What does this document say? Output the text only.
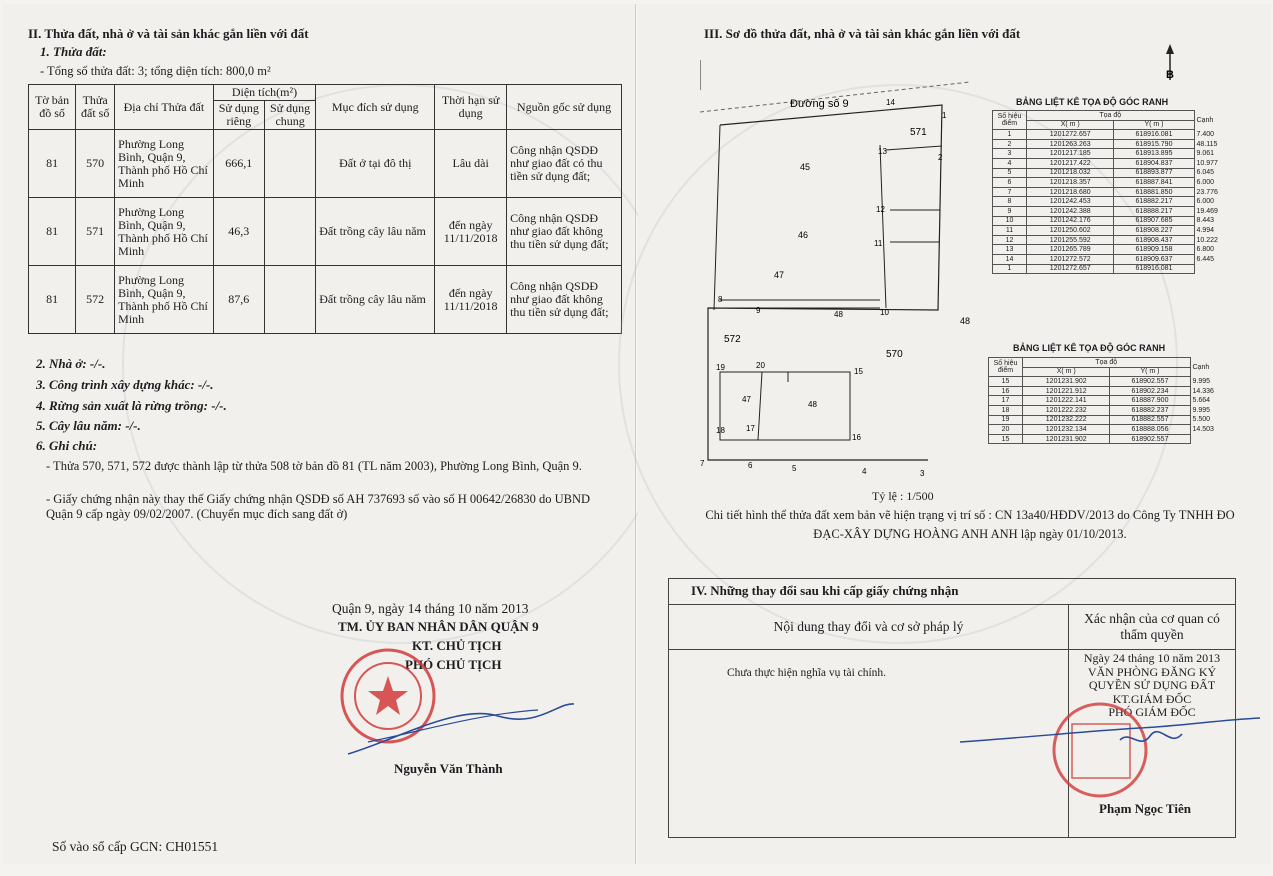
II. Thửa đất, nhà ở và tài sản khác gắn liền với đất
1. Thửa đất:
- Tổng số thửa đất: 3; tổng diện tích: 800,0 m²
Tờ bản đồ số	Thửa đất số	Địa chỉ Thửa đất	Diện tích(m²)		Mục đích sử dụng	Thời hạn sử dụng	Nguồn gốc sử dụng
			Sử dụng riêng	Sử dụng chung			
81	570	Phường Long Bình, Quận 9, Thành phố Hồ Chí Minh	666,1		Đất ở tại đô thị	Lâu dài	Công nhận QSDĐ như giao đất có thu tiền sử dụng đất;
81	571	Phường Long Bình, Quận 9, Thành phố Hồ Chí Minh	46,3		Đất trồng cây lâu năm	đến ngày 11/11/2018	Công nhận QSDĐ như giao đất không thu tiền sử dụng đất;
81	572	Phường Long Bình, Quận 9, Thành phố Hồ Chí Minh	87,6		Đất trồng cây lâu năm	đến ngày 11/11/2018	Công nhận QSDĐ như giao đất không thu tiền sử dụng đất;
2. Nhà ở: -/-.
3. Công trình xây dựng khác: -/-.
4. Rừng sản xuất là rừng trồng: -/-.
5. Cây lâu năm: -/-.
6. Ghi chú:
- Thửa 570, 571, 572 được thành lập từ thửa 508 tờ bản đồ 81 (TL năm 2003), Phường Long Bình, Quận 9.
- Giấy chứng nhận này thay thế Giấy chứng nhận QSDĐ số AH 737693 số vào số H 00642/26830 do UBND Quận 9 cấp ngày 09/02/2007. (Chuyển mục đích sang đất ở)
Quận 9, ngày 14 tháng 10 năm 2013
TM. ỦY BAN NHÂN DÂN QUẬN 9
KT. CHỦ TỊCH
PHÓ CHỦ TỊCH
Nguyễn Văn Thành
Số vào sổ cấp GCN: CH01551
III. Sơ đồ thửa đất, nhà ở và tài sản khác gắn liền với đất
Đường số 9
45
46
47
571
572
570
47
48
48
7	6	5	4	3
2
1
14
13
12
11
10
48
9
8
15
16
17
18
19	20
B
BẢNG LIỆT KÊ TỌA ĐỘ GÓC RANH
Số hiệu điểm	Tọa độ		Cạnh
	X( m )	Y( m )	
1	1201272.657	618916.081	7.400
2	1201263.263	618915.790	48.115
3	1201217.185	618913.895	9.061
4	1201217.422	618904.837	10.977
5	1201218.032	618893.877	6.045
6	1201218.357	618887.841	6.000
7	1201218.680	618881.850	23.776
8	1201242.453	618882.217	6.000
9	1201242.388	618888.217	19.469
10	1201242.176	618907.685	8.443
11	1201250.602	618908.227	4.994
12	1201255.592	618908.437	10.222
13	1201265.789	618909.158	6.800
14	1201272.572	618909.637	6.445
1	1201272.657	618916.081	
BẢNG LIỆT KÊ TỌA ĐỘ GÓC RANH
Số hiệu điểm	Tọa độ		Cạnh
	X( m )	Y( m )	
15	1201231.902	618902.557	9.995
16	1201221.912	618902.234	14.336
17	1201222.141	618887.900	5.664
18	1201222.232	618882.237	9.995
19	1201232.222	618882.557	5.500
20	1201232.134	618888.056	14.503
15	1201231.902	618902.557	
Tỷ lệ : 1/500
Chi tiết hình thể thửa đất xem bản vẽ hiện trạng vị trí số : CN 13a40/HĐDV/2013 do Công Ty TNHH ĐO ĐẠC-XÂY DỰNG HOÀNG ANH ANH lập ngày 01/10/2013.
IV. Những thay đổi sau khi cấp giấy chứng nhận
Nội dung thay đổi và cơ sở pháp lý
Chưa thực hiện nghĩa vụ tài chính.
Xác nhận của cơ quan có thẩm quyền
Ngày 24 tháng 10 năm 2013
VĂN PHÒNG ĐĂNG KÝ
QUYỀN SỬ DỤNG ĐẤT
KT.GIÁM ĐỐC
PHÓ GIÁM ĐỐC
Phạm Ngọc Tiên
